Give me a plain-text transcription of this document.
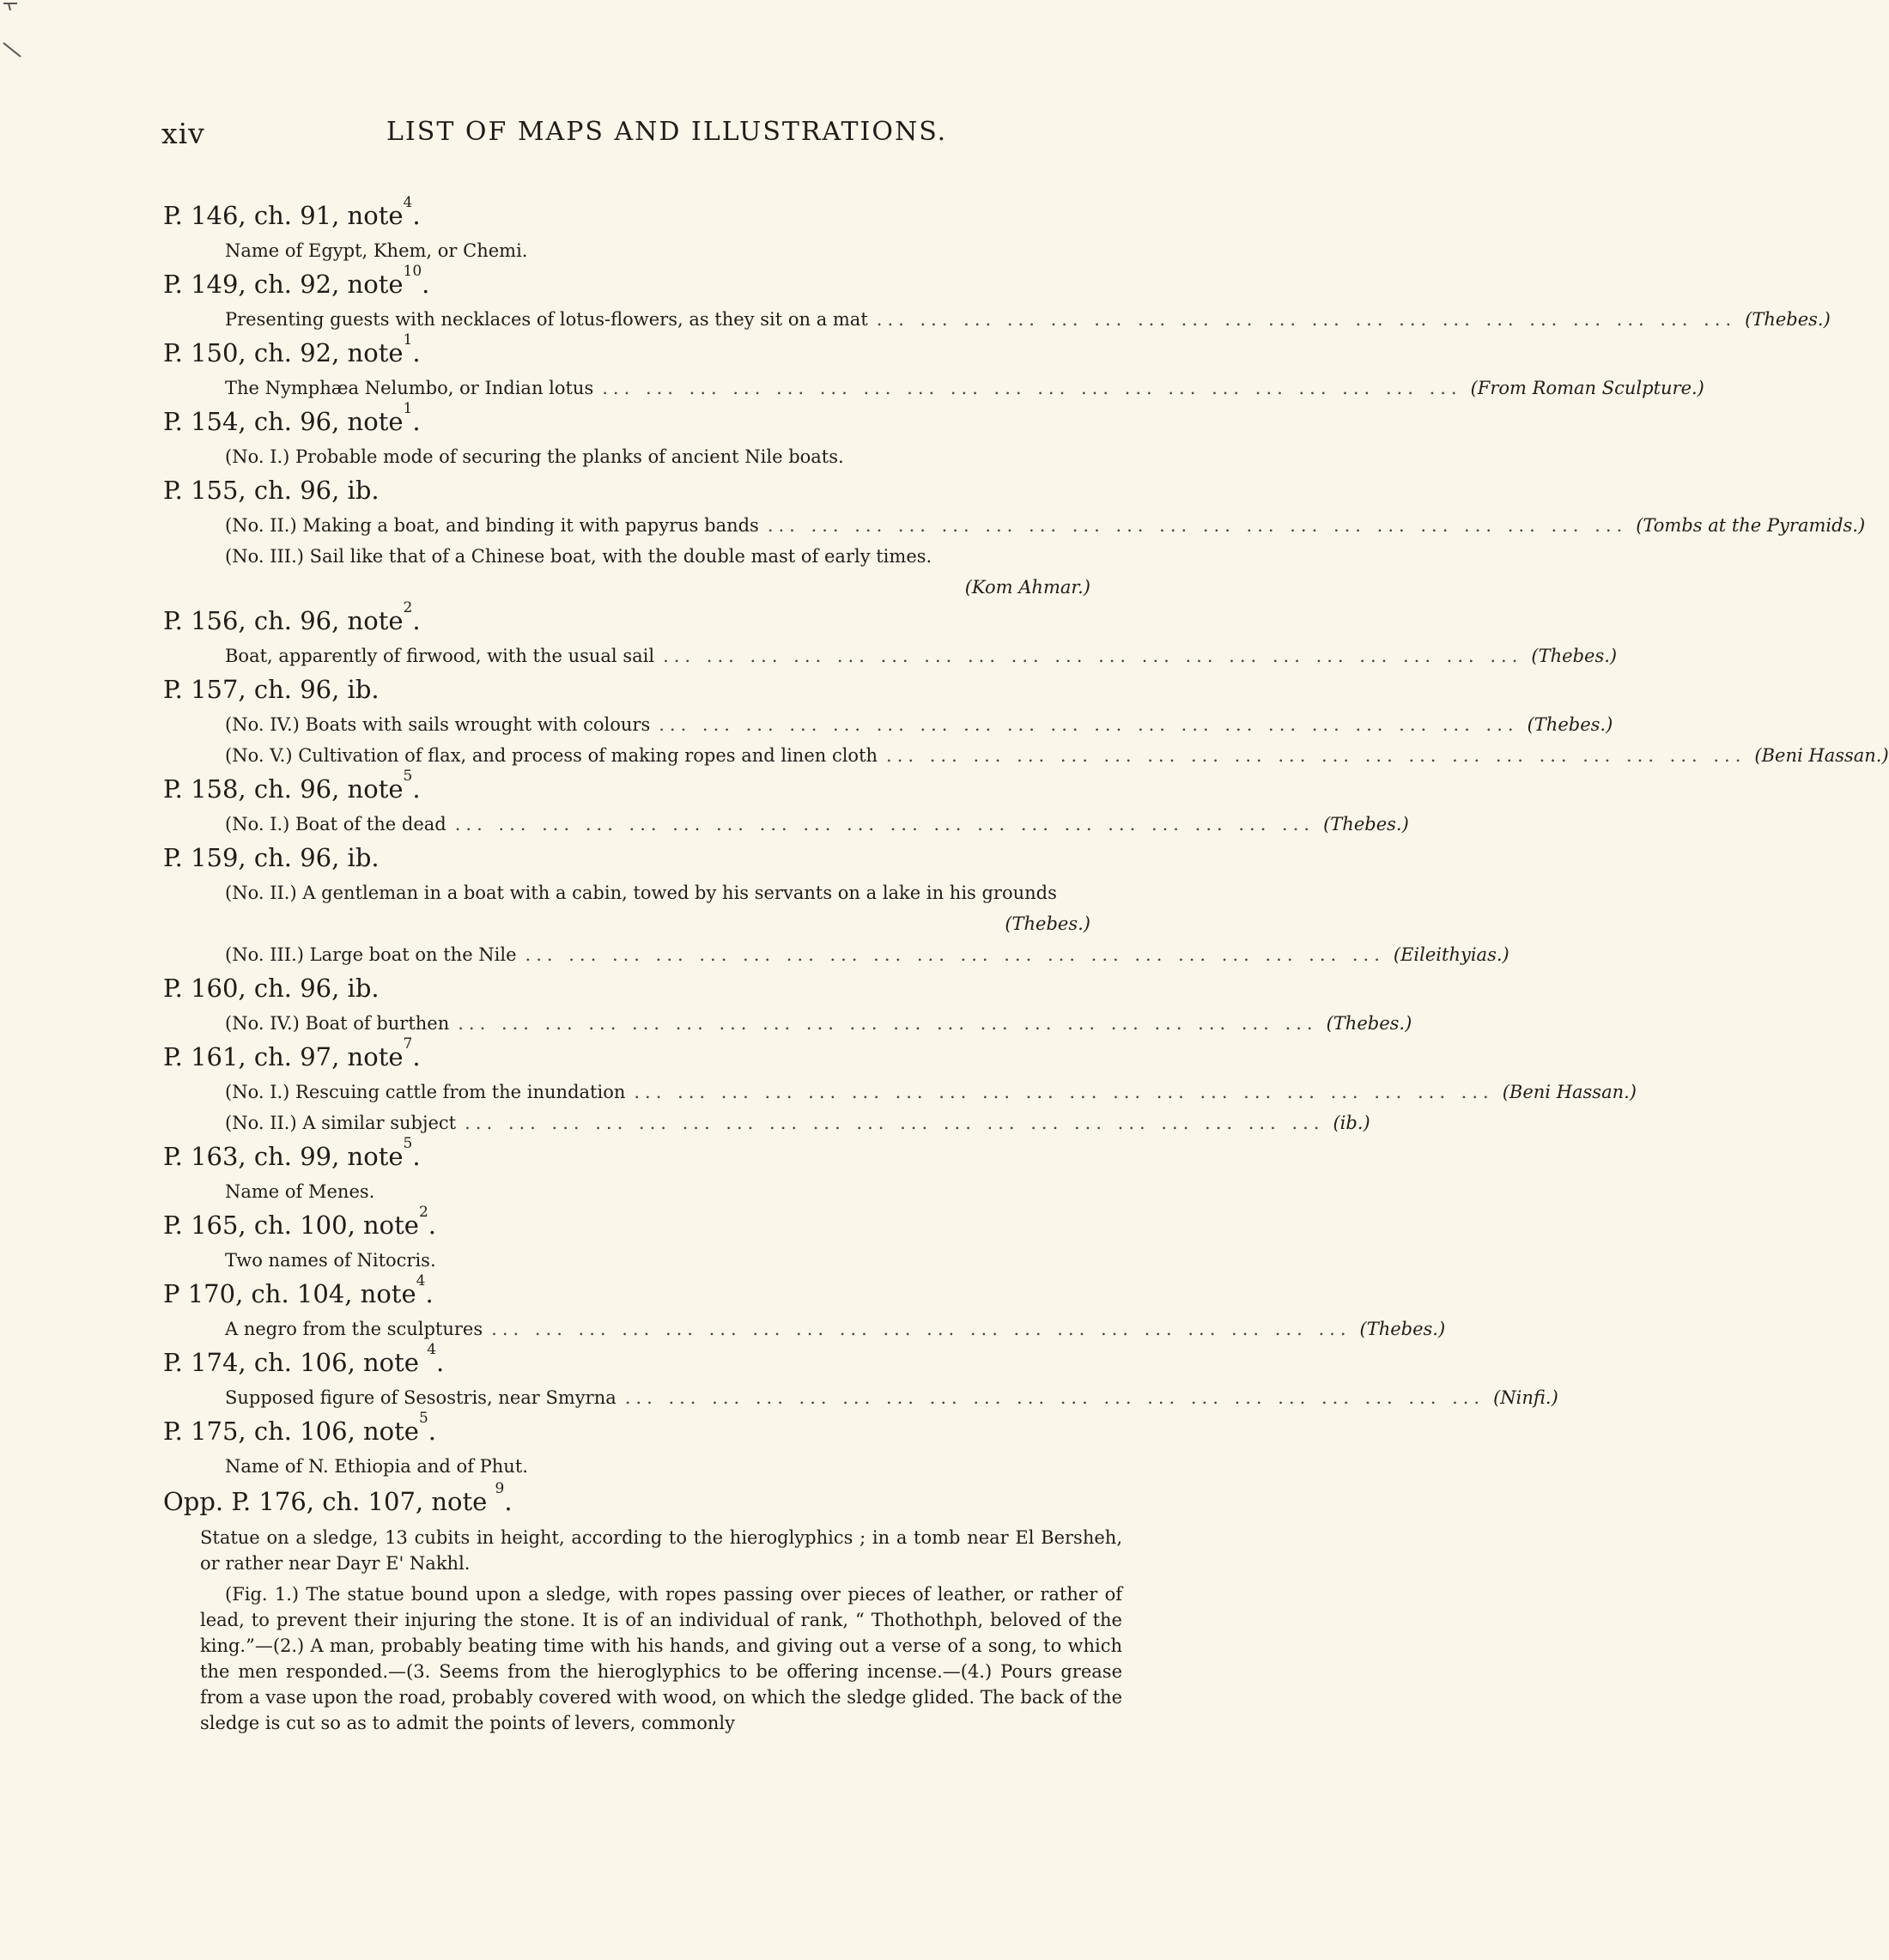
xiv	LIST OF MAPS AND ILLUSTRATIONS.
P. 146, ch. 91, note$^4$.
Name of Egypt, Khem, or Chemi.
P. 149, ch. 92, note$^{10}$.
Presenting guests with necklaces of lotus-flowers, as they sit on a mat ... ... ... ... ... ... ... ... ... ... ... ... ... ... ... ... ... ... ... ... (Thebes.)
P. 150, ch. 92, note$^1$.
The Nymphæa Nelumbo, or Indian lotus ... ... ... ... ... ... ... ... ... ... ... ... ... ... ... ... ... ... ... ... (From Roman Sculpture.)
P. 154, ch. 96, note$^1$.
(No. I.) Probable mode of securing the planks of ancient Nile boats.
P. 155, ch. 96, ib.
(No. II.) Making a boat, and binding it with papyrus bands ... ... ... ... ... ... ... ... ... ... ... ... ... ... ... ... ... ... ... ... (Tombs at the Pyramids.)
(No. III.) Sail like that of a Chinese boat, with the double mast of early times.
(Kom Ahmar.)
P. 156, ch. 96, note$^2$.
Boat, apparently of firwood, with the usual sail ... ... ... ... ... ... ... ... ... ... ... ... ... ... ... ... ... ... ... ... (Thebes.)
P. 157, ch. 96, ib.
(No. IV.) Boats with sails wrought with colours ... ... ... ... ... ... ... ... ... ... ... ... ... ... ... ... ... ... ... ... (Thebes.)
(No. V.) Cultivation of flax, and process of making ropes and linen cloth ... ... ... ... ... ... ... ... ... ... ... ... ... ... ... ... ... ... ... ... (Beni Hassan.)
P. 158, ch. 96, note$^5$.
(No. I.) Boat of the dead ... ... ... ... ... ... ... ... ... ... ... ... ... ... ... ... ... ... ... ... (Thebes.)
P. 159, ch. 96, ib.
(No. II.) A gentleman in a boat with a cabin, towed by his servants on a lake in his grounds
(Thebes.)
(No. III.) Large boat on the Nile ... ... ... ... ... ... ... ... ... ... ... ... ... ... ... ... ... ... ... ... (Eileithyias.)
P. 160, ch. 96, ib.
(No. IV.) Boat of burthen ... ... ... ... ... ... ... ... ... ... ... ... ... ... ... ... ... ... ... ... (Thebes.)
P. 161, ch. 97, note$^7$.
(No. I.) Rescuing cattle from the inundation ... ... ... ... ... ... ... ... ... ... ... ... ... ... ... ... ... ... ... ... (Beni Hassan.)
(No. II.) A similar subject ... ... ... ... ... ... ... ... ... ... ... ... ... ... ... ... ... ... ... ... (ib.)
P. 163, ch. 99, note$^5$.
Name of Menes.
P. 165, ch. 100, note$^2$.
Two names of Nitocris.
P 170, ch. 104, note$^4$.
A negro from the sculptures ... ... ... ... ... ... ... ... ... ... ... ... ... ... ... ... ... ... ... ... (Thebes.)
P. 174, ch. 106, note $^4$.
Supposed figure of Sesostris, near Smyrna ... ... ... ... ... ... ... ... ... ... ... ... ... ... ... ... ... ... ... ... (Ninfi.)
P. 175, ch. 106, note$^5$.
Name of N. Ethiopia and of Phut.
Opp. P. 176, ch. 107, note $^9$.
Statue on a sledge, 13 cubits in height, according to the hieroglyphics ; in a tomb near El Bersheh, or rather near Dayr E' Nakhl.
(Fig. 1.) The statue bound upon a sledge, with ropes passing over pieces of leather, or rather of lead, to prevent their injuring the stone. It is of an individual of rank, “ Thothothph, beloved of the king.”—(2.) A man, probably beating time with his hands, and giving out a verse of a song, to which the men responded.—(3. Seems from the hieroglyphics to be offering incense.—(4.) Pours grease from a vase upon the road, probably covered with wood, on which the sledge glided. The back of the sledge is cut so as to admit the points of levers, commonly
